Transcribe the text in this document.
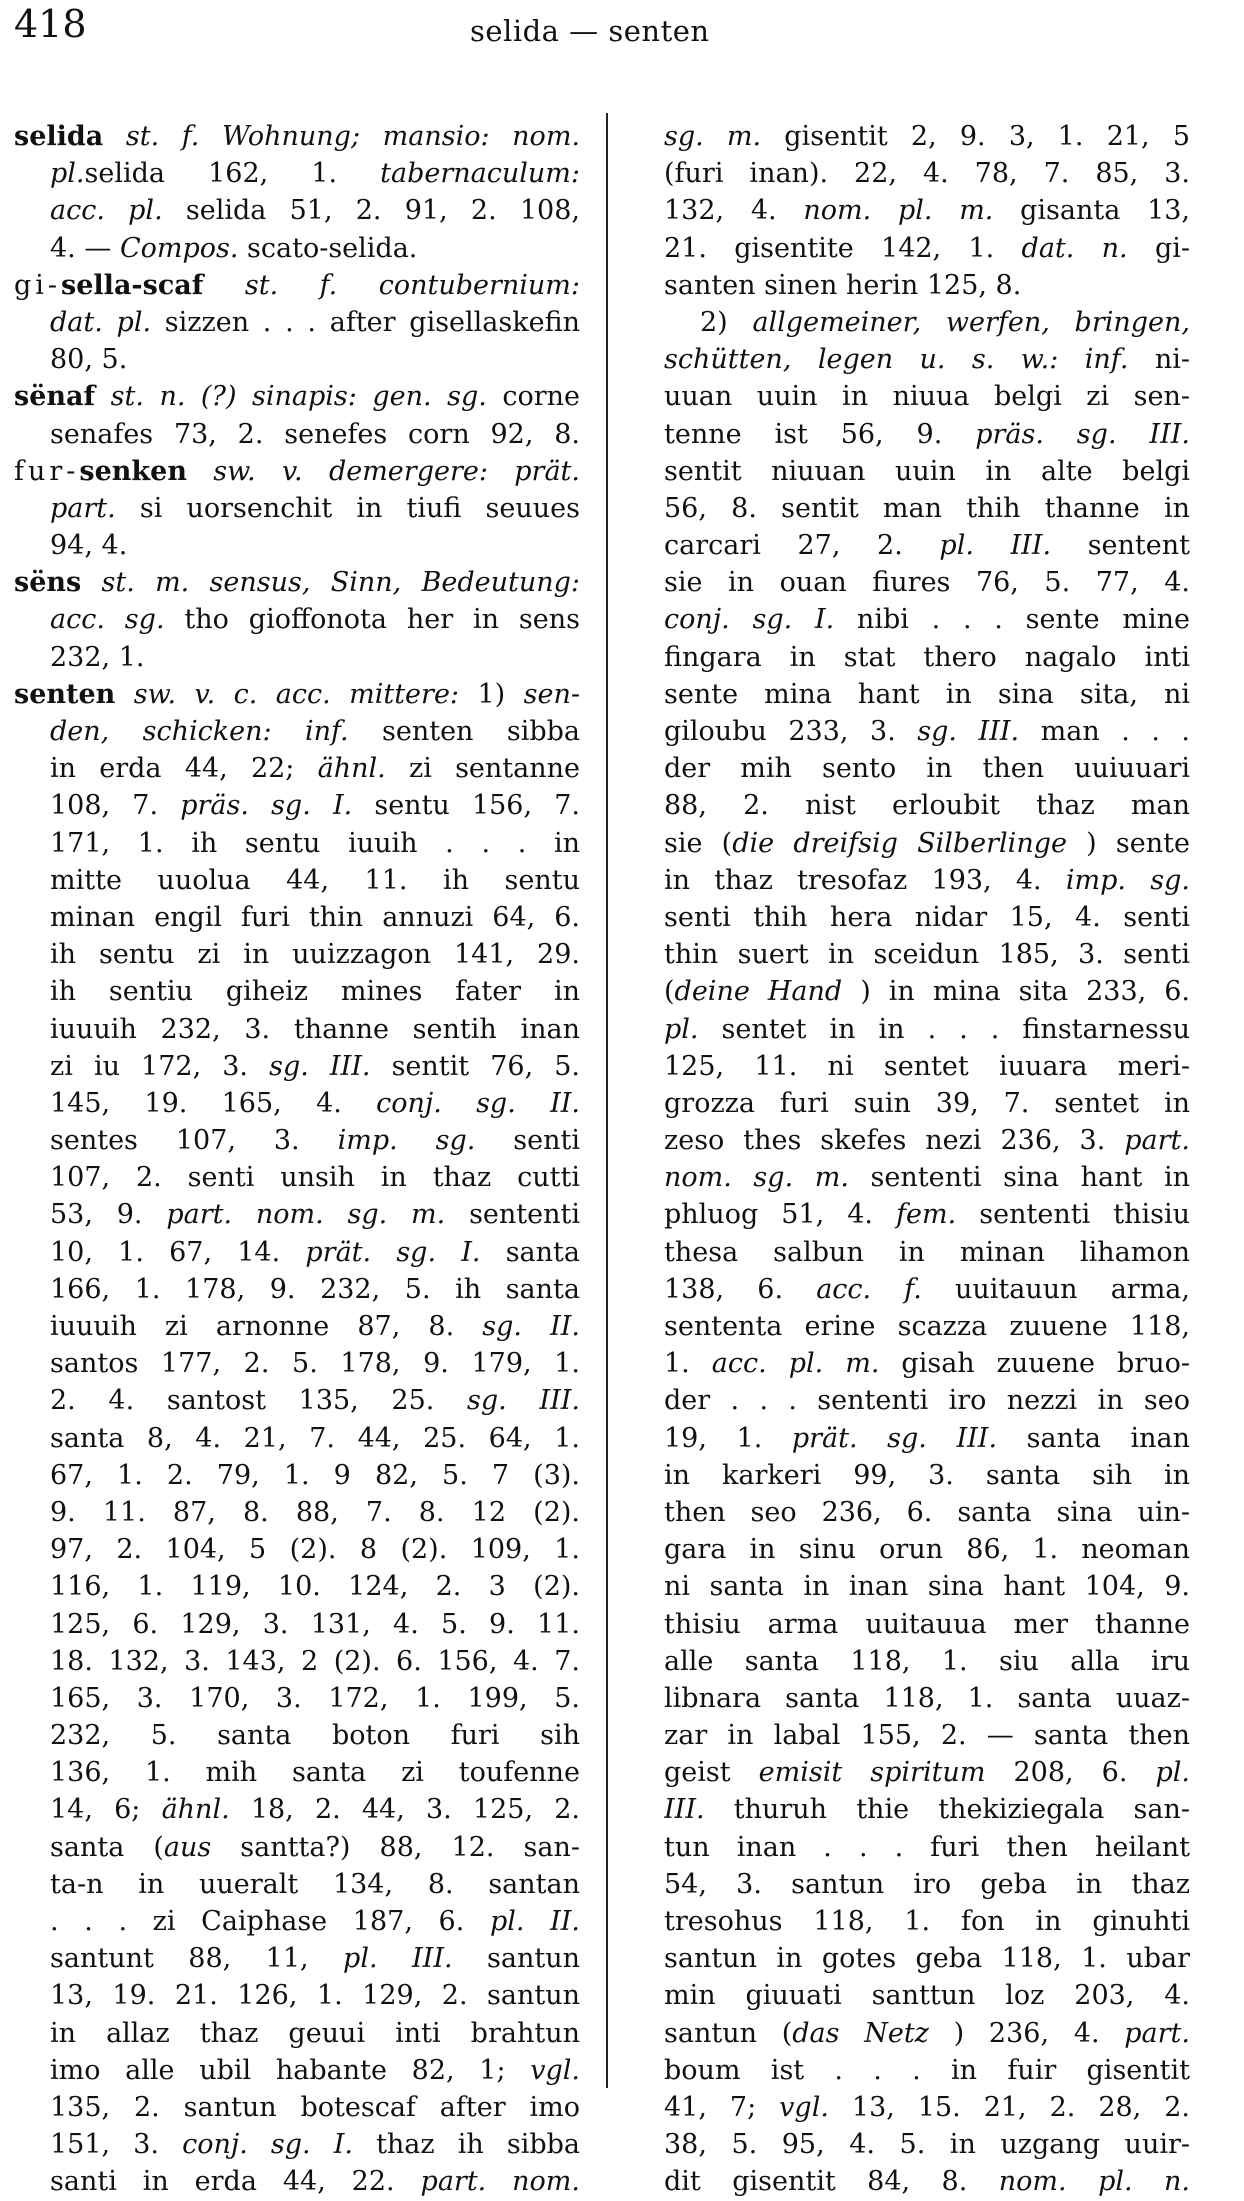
418	selida — senten
selida st. f. Wohnung; mansio: nom.
pl.selida 162, 1. tabernaculum:
acc. pl. selida 51, 2. 91, 2. 108,
4. — Compos. scato-selida.
gi-sella-scaf st. f. contubernium:
dat. pl. sizzen . . . after gisellaskefin
80, 5.
sënaf st. n. (?) sinapis: gen. sg. corne
senafes 73, 2. senefes corn 92, 8.
fur-senken sw. v. demergere: prät.
part. si uorsenchit in tiufi seuues
94, 4.
sëns st. m. sensus, Sinn, Bedeutung:
acc. sg. tho gioffonota her in sens
232, 1.
senten sw. v. c. acc. mittere: 1) sen-
den, schicken: inf. senten sibba
in erda 44, 22; ähnl. zi sentanne
108, 7. präs. sg. I. sentu 156, 7.
171, 1. ih sentu iuuih . . . in
mitte uuolua 44, 11. ih sentu
minan engil furi thin annuzi 64, 6.
ih sentu zi in uuizzagon 141, 29.
ih sentiu giheiz mines fater in
iuuuih 232, 3. thanne sentih inan
zi iu 172, 3. sg. III. sentit 76, 5.
145, 19. 165, 4. conj. sg. II.
sentes 107, 3. imp. sg. senti
107, 2. senti unsih in thaz cutti
53, 9. part. nom. sg. m. sententi
10, 1. 67, 14. prät. sg. I. santa
166, 1. 178, 9. 232, 5. ih santa
iuuuih zi arnonne 87, 8. sg. II.
santos 177, 2. 5. 178, 9. 179, 1.
2. 4. santost 135, 25. sg. III.
santa 8, 4. 21, 7. 44, 25. 64, 1.
67, 1. 2. 79, 1. 9 82, 5. 7 (3).
9. 11. 87, 8. 88, 7. 8. 12 (2).
97, 2. 104, 5 (2). 8 (2). 109, 1.
116, 1. 119, 10. 124, 2. 3 (2).
125, 6. 129, 3. 131, 4. 5. 9. 11.
18. 132, 3. 143, 2 (2). 6. 156, 4. 7.
165, 3. 170, 3. 172, 1. 199, 5.
232, 5. santa boton furi sih
136, 1. mih santa zi toufenne
14, 6; ähnl. 18, 2. 44, 3. 125, 2.
santa (aus santta?) 88, 12. san-
ta-n in uueralt 134, 8. santan
. . . zi Caiphase 187, 6. pl. II.
santunt 88, 11, pl. III. santun
13, 19. 21. 126, 1. 129, 2. santun
in allaz thaz geuui inti brahtun
imo alle ubil habante 82, 1; vgl.
135, 2. santun botescaf after imo
151, 3. conj. sg. I. thaz ih sibba
santi in erda 44, 22. part. nom.
sg. m. gisentit 2, 9. 3, 1. 21, 5
(furi inan). 22, 4. 78, 7. 85, 3.
132, 4. nom. pl. m. gisanta 13,
21. gisentite 142, 1. dat. n. gi-
santen sinen herin 125, 8.
2) allgemeiner, werfen, bringen,
schütten, legen u. s. w.: inf. ni-
uuan uuin in niuua belgi zi sen-
tenne ist 56, 9. präs. sg. III.
sentit niuuan uuin in alte belgi
56, 8. sentit man thih thanne in
carcari 27, 2. pl. III. sentent
sie in ouan fiures 76, 5. 77, 4.
conj. sg. I. nibi . . . sente mine
fingara in stat thero nagalo inti
sente mina hant in sina sita, ni
giloubu 233, 3. sg. III. man . . .
der mih sento in then uuiuuari
88, 2. nist erloubit thaz man
sie (die dreifsig Silberlinge ) sente
in thaz tresofaz 193, 4. imp. sg.
senti thih hera nidar 15, 4. senti
thin suert in sceidun 185, 3. senti
(deine Hand ) in mina sita 233, 6.
pl. sentet in in . . . finstarnessu
125, 11. ni sentet iuuara meri-
grozza furi suin 39, 7. sentet in
zeso thes skefes nezi 236, 3. part.
nom. sg. m. sententi sina hant in
phluog 51, 4. fem. sententi thisiu
thesa salbun in minan lihamon
138, 6. acc. f. uuitauun arma,
sententa erine scazza zuuene 118,
1. acc. pl. m. gisah zuuene bruo-
der . . . sententi iro nezzi in seo
19, 1. prät. sg. III. santa inan
in karkeri 99, 3. santa sih in
then seo 236, 6. santa sina uin-
gara in sinu orun 86, 1. neoman
ni santa in inan sina hant 104, 9.
thisiu arma uuitauua mer thanne
alle santa 118, 1. siu alla iru
libnara santa 118, 1. santa uuaz-
zar in labal 155, 2. — santa then
geist emisit spiritum 208, 6. pl.
III. thuruh thie thekiziegala san-
tun inan . . . furi then heilant
54, 3. santun iro geba in thaz
tresohus 118, 1. fon in ginuhti
santun in gotes geba 118, 1. ubar
min giuuati santtun loz 203, 4.
santun (das Netz ) 236, 4. part.
boum ist . . . in fuir gisentit
41, 7; vgl. 13, 15. 21, 2. 28, 2.
38, 5. 95, 4. 5. in uzgang uuir-
dit gisentit 84, 8. nom. pl. n.
